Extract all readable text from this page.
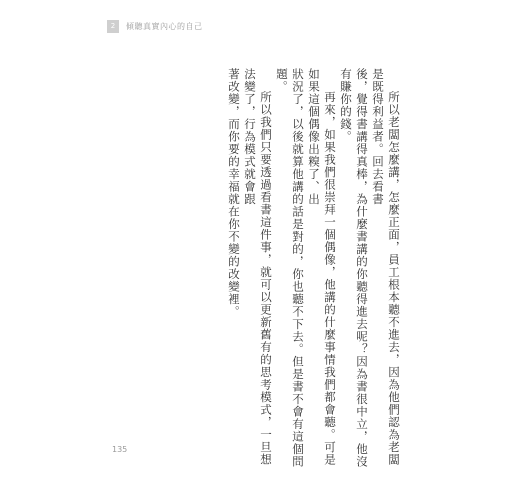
2	傾聽真實內心的自己

所以老闆怎麼講，怎麼正面，員工根本聽不進去，因為他們認為老闆是既得利益者。回去看書

後，覺得書講得真棒，為什麼書講的你聽得進去呢？因為書很中立，他沒有賺你的錢。

再來，如果我們很崇拜一個偶像，他講的什麼事情我們都會聽。可是如果這個偶像出糗了、出

狀況了，以後就算他講的話是對的，你也聽不下去。但是書不會有這個問題。

所以我們只要透過看書這件事，就可以更新舊有的思考模式，一旦想法變了，行為模式就會跟

著改變，而你要的幸福就在你不變的改變裡。

135
